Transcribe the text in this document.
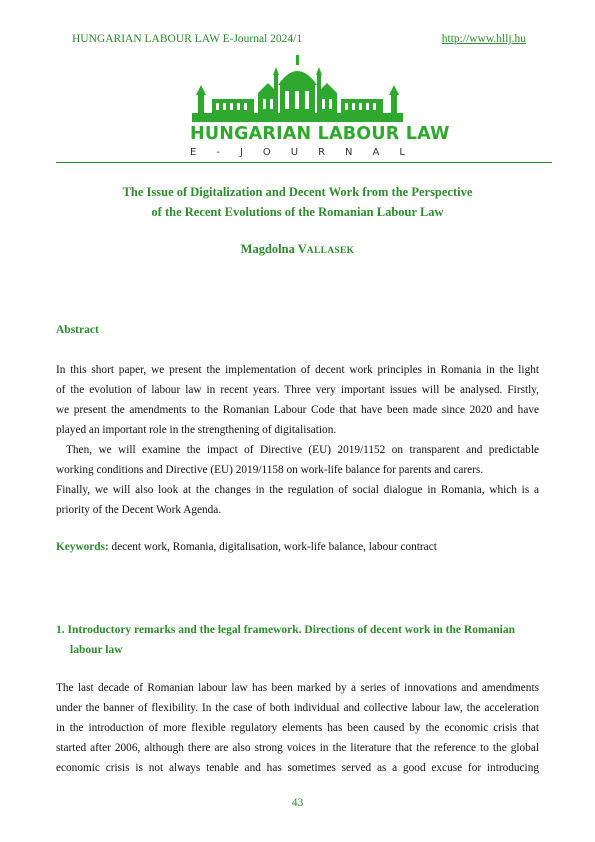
HUNGARIAN LABOUR LAW E-Journal 2024/1	http://www.hllj.hu
HUNGARIAN LABOUR LAW
E - J O U R N A L
The Issue of Digitalization and Decent Work from the Perspective
of the Recent Evolutions of the Romanian Labour Law
Magdolna VALLASEK
Abstract
In this short paper, we present the implementation of decent work principles in Romania in the light
of the evolution of labour law in recent years. Three very important issues will be analysed. Firstly,
we present the amendments to the Romanian Labour Code that have been made since 2020 and have
played an important role in the strengthening of digitalisation.
Then, we will examine the impact of Directive (EU) 2019/1152 on transparent and predictable
working conditions and Directive (EU) 2019/1158 on work-life balance for parents and carers.
Finally, we will also look at the changes in the regulation of social dialogue in Romania, which is a
priority of the Decent Work Agenda.
Keywords: decent work, Romania, digitalisation, work-life balance, labour contract
1. Introductory remarks and the legal framework. Directions of decent work in the Romanian
labour law
The last decade of Romanian labour law has been marked by a series of innovations and amendments
under the banner of flexibility. In the case of both individual and collective labour law, the acceleration
in the introduction of more flexible regulatory elements has been caused by the economic crisis that
started after 2006, although there are also strong voices in the literature that the reference to the global
economic crisis is not always tenable and has sometimes served as a good excuse for introducing
43
